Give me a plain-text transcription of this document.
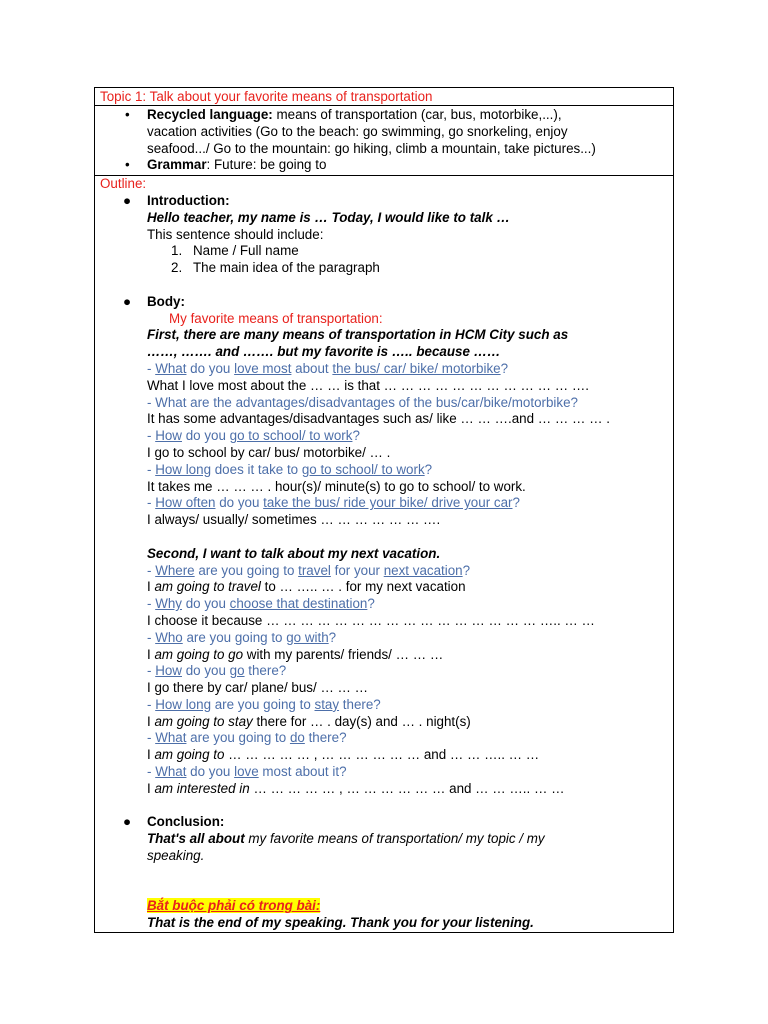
Topic 1: Talk about your favorite means of transportation
• Recycled language: means of transportation (car, bus, motorbike,...),
vacation activities (Go to the beach: go swimming, go snorkeling, enjoy
seafood.../ Go to the mountain: go hiking, climb a mountain, take pictures...)
• Grammar: Future: be going to
Outline:
● Introduction:
Hello teacher, my name is … Today, I would like to talk …
This sentence should include:
1. Name / Full name
2. The main idea of the paragraph
● Body:
My favorite means of transportation:
First, there are many means of transportation in HCM City such as
……, ……. and ……. but my favorite is ….. because ……
- What do you love most about the bus/ car/ bike/ motorbike?
What I love most about the … … is that … … … … … … … … … … … ….
- What are the advantages/disadvantages of the bus/car/bike/motorbike?
It has some advantages/disadvantages such as/ like … … ….and … … … … .
- How do you go to school/ to work?
I go to school by car/ bus/ motorbike/ … .
- How long does it take to go to school/ to work?
It takes me … … … . hour(s)/ minute(s) to go to school/ to work.
- How often do you take the bus/ ride your bike/ drive your car?
I always/ usually/ sometimes … … … … … … ….
Second, I want to talk about my next vacation.
- Where are you going to travel for your next vacation?
I am going to travel to … ….. … . for my next vacation
- Why do you choose that destination?
I choose it because … … … … … … … … … … … … … … … … ….. … …
- Who are you going to go with?
I am going to go with my parents/ friends/ … … …
- How do you go there?
I go there by car/ plane/ bus/ … … …
- How long are you going to stay there?
I am going to stay there for … . day(s) and … . night(s)
- What are you going to do there?
I am going to … … … … … , … … … … … … and … … ….. … …
- What do you love most about it?
I am interested in … … … … … , … … … … … … and … … ….. … …
● Conclusion:
That's all about my favorite means of transportation/ my topic / my
speaking.
Bắt buộc phải có trong bài:
That is the end of my speaking. Thank you for your listening.
